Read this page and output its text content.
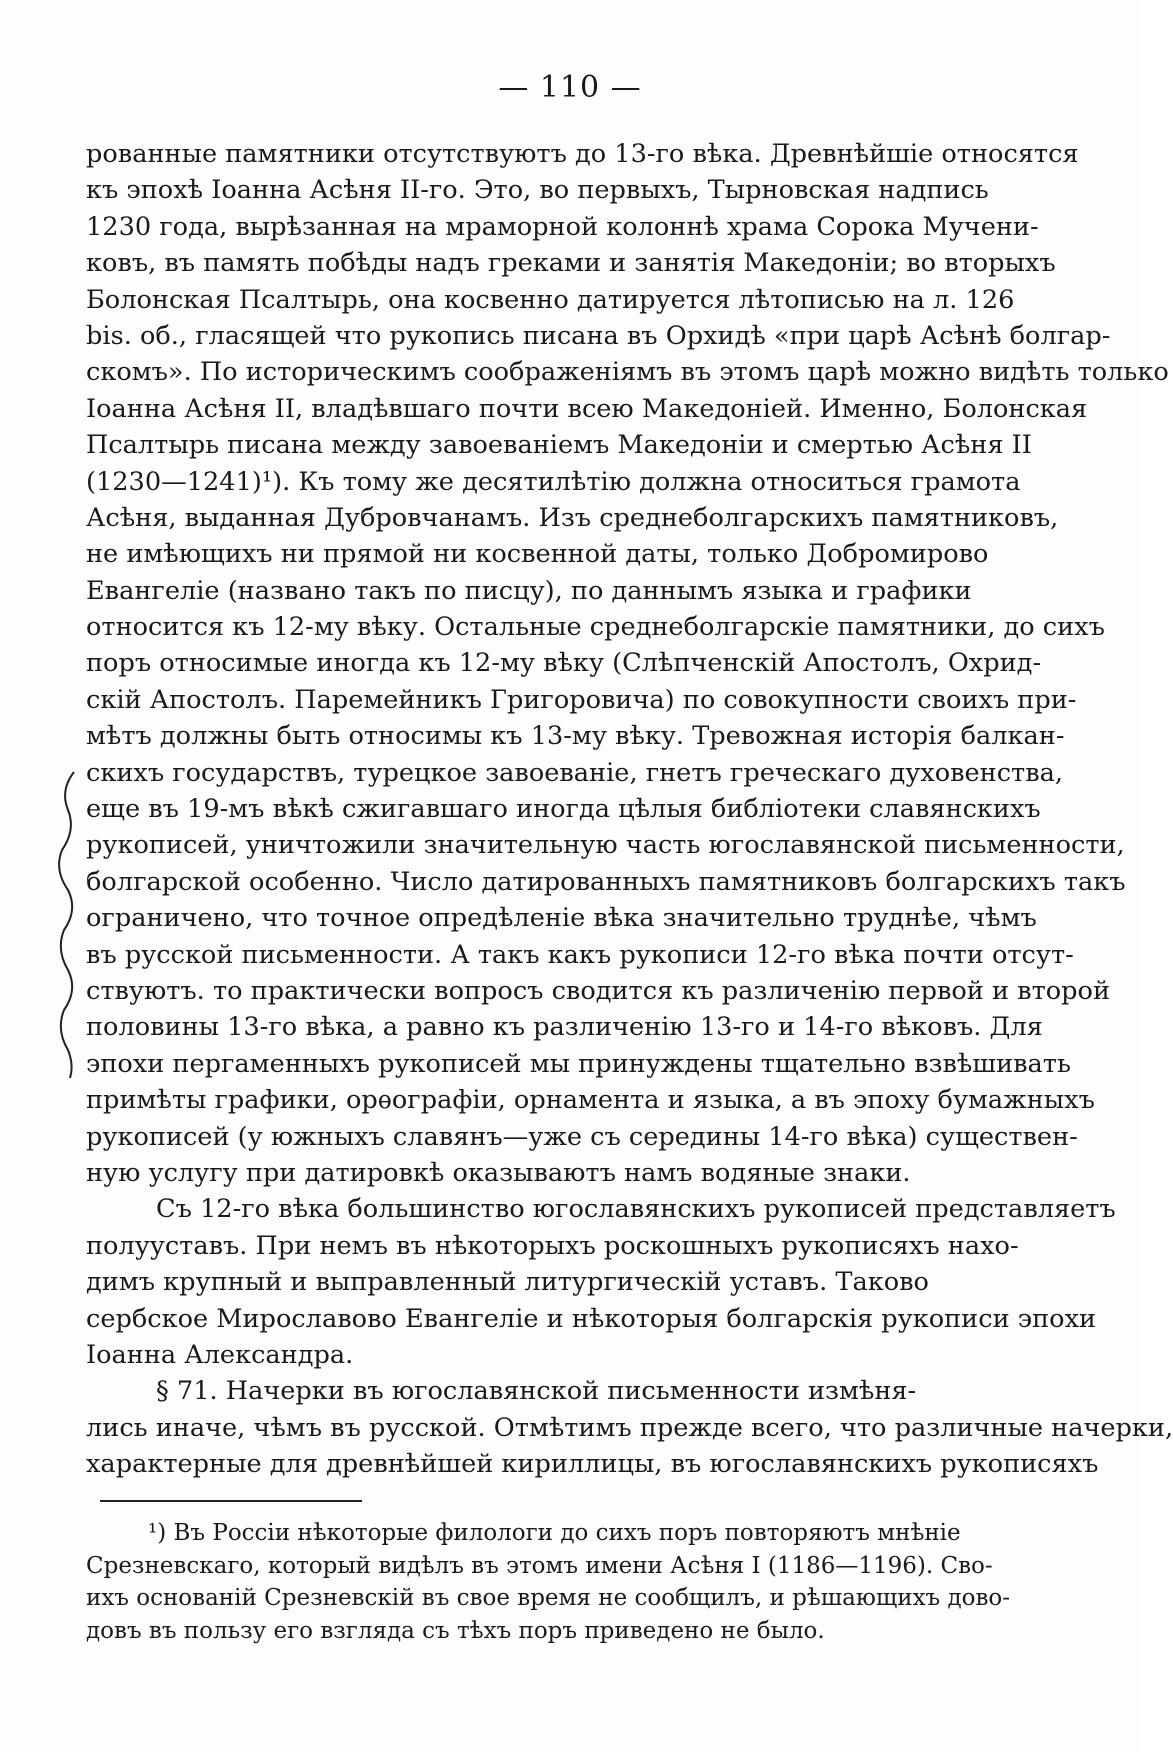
— 110 —
рованные памятники отсутствуютъ до 13-го вѣка. Древнѣйшіе относятся
къ эпохѣ Іоанна Асѣня II-го. Это, во первыхъ, Тырновская надпись
1230 года, вырѣзанная на мраморной колоннѣ храма Сорока Мучени-
ковъ, въ память побѣды надъ греками и занятія Македоніи; во вторыхъ
Болонская Псалтырь, она косвенно датируется лѣтописью на л. 126
bis. об., гласящей что рукопись писана въ Орхидѣ «при царѣ Асѣнѣ болгар-
скомъ». По историческимъ соображеніямъ въ этомъ царѣ можно видѣть только
Іоанна Асѣня II, владѣвшаго почти всею Македоніей. Именно, Болонская
Псалтырь писана между завоеваніемъ Македоніи и смертью Асѣня II
(1230—1241)¹). Къ тому же десятилѣтію должна относиться грамота
Асѣня, выданная Дубровчанамъ. Изъ среднеболгарскихъ памятниковъ,
не имѣющихъ ни прямой ни косвенной даты, только Добромирово
Евангеліе (названо такъ по писцу), по даннымъ языка и графики
относится къ 12-му вѣку. Остальные среднеболгарскіе памятники, до сихъ
поръ относимые иногда къ 12-му вѣку (Слѣпченскій Апостолъ, Охрид-
скій Апостолъ. Паремейникъ Григоровича) по совокупности своихъ при-
мѣтъ должны быть относимы къ 13-му вѣку. Тревожная исторія балкан-
скихъ государствъ, турецкое завоеваніе, гнетъ греческаго духовенства,
еще въ 19-мъ вѣкѣ сжигавшаго иногда цѣлыя библіотеки славянскихъ
рукописей, уничтожили значительную часть югославянской письменности,
болгарской особенно. Число датированныхъ памятниковъ болгарскихъ такъ
ограничено, что точное опредѣленіе вѣка значительно труднѣе, чѣмъ
въ русской письменности. А такъ какъ рукописи 12-го вѣка почти отсут-
ствуютъ. то практически вопросъ сводится къ различенію первой и второй
половины 13-го вѣка, а равно къ различенію 13-го и 14-го вѣковъ. Для
эпохи пергаменныхъ рукописей мы принуждены тщательно взвѣшивать
примѣты графики, орѳографіи, орнамента и языка, а въ эпоху бумажныхъ
рукописей (у южныхъ славянъ—уже съ середины 14-го вѣка) существен-
ную услугу при датировкѣ оказываютъ намъ водяные знаки.
Съ 12-го вѣка большинство югославянскихъ рукописей представляетъ
полууставъ. При немъ въ нѣкоторыхъ роскошныхъ рукописяхъ нахо-
димъ крупный и выправленный литургическій уставъ. Таково
сербское Мирославово Евангеліе и нѣкоторыя болгарскія рукописи эпохи
Іоанна Александра.
§ 71. Начерки въ югославянской письменности измѣня-
лись иначе, чѣмъ въ русской. Отмѣтимъ прежде всего, что различные начерки,
характерные для древнѣйшей кириллицы, въ югославянскихъ рукописяхъ
¹) Въ Россіи нѣкоторые филологи до сихъ поръ повторяютъ мнѣніе
Срезневскаго, который видѣлъ въ этомъ имени Асѣня I (1186—1196). Сво-
ихъ основаній Срезневскій въ свое время не сообщилъ, и рѣшающихъ дово-
довъ въ пользу его взгляда съ тѣхъ поръ приведено не было.
